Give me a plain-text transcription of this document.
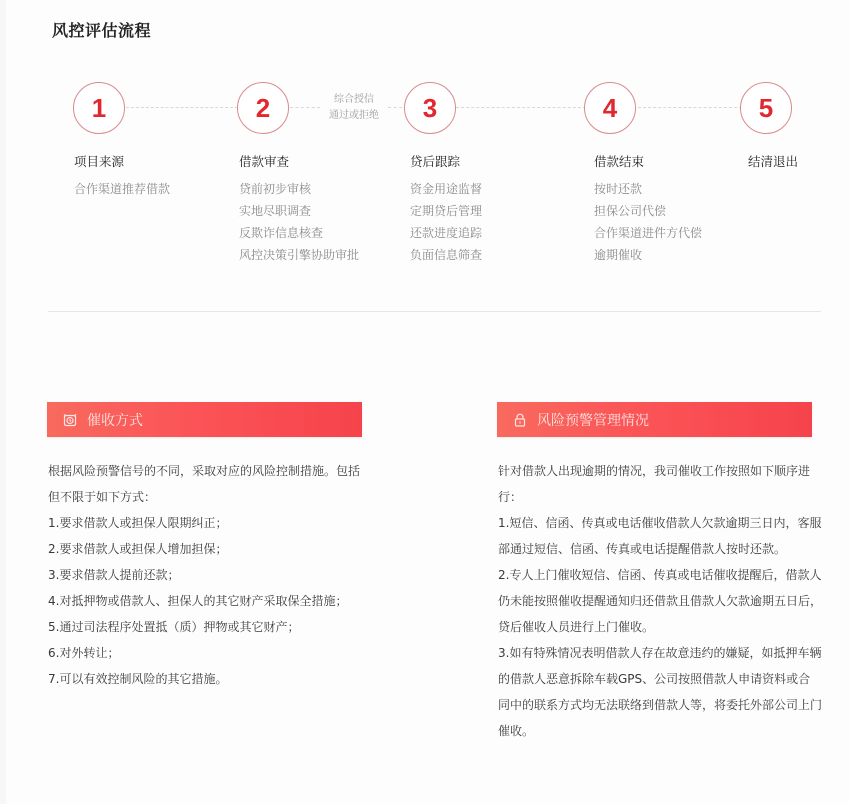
风控评估流程
综合授信
通过或拒绝
1
项目来源
合作渠道推荐借款
2
借款审查
贷前初步审核
实地尽职调查
反欺诈信息核查
风控决策引擎协助审批
3
贷后跟踪
资金用途监督
定期贷后管理
还款进度追踪
负面信息筛查
4
借款结束
按时还款
担保公司代偿
合作渠道进件方代偿
逾期催收
5
结清退出
催收方式	风险预警管理情况

根据风险预警信号的不同，采取对应的风险控制措施。包括但不限于如下方式：

1.要求借款人或担保人限期纠正；

2.要求借款人或担保人增加担保；

3.要求借款人提前还款；

4.对抵押物或借款人、担保人的其它财产采取保全措施；

5.通过司法程序处置抵（质）押物或其它财产；

6.对外转让；

7.可以有效控制风险的其它措施。

针对借款人出现逾期的情况，我司催收工作按照如下顺序进行：

1.短信、信函、传真或电话催收借款人欠款逾期三日内，客服部通过短信、信函、传真或电话提醒借款人按时还款。

2.专人上门催收短信、信函、传真或电话催收提醒后，借款人仍未能按照催收提醒通知归还借款且借款人欠款逾期五日后，贷后催收人员进行上门催收。

3.如有特殊情况表明借款人存在故意违约的嫌疑，如抵押车辆的借款人恶意拆除车载GPS、公司按照借款人申请资料或合同中的联系方式均无法联络到借款人等，将委托外部公司上门催收。
